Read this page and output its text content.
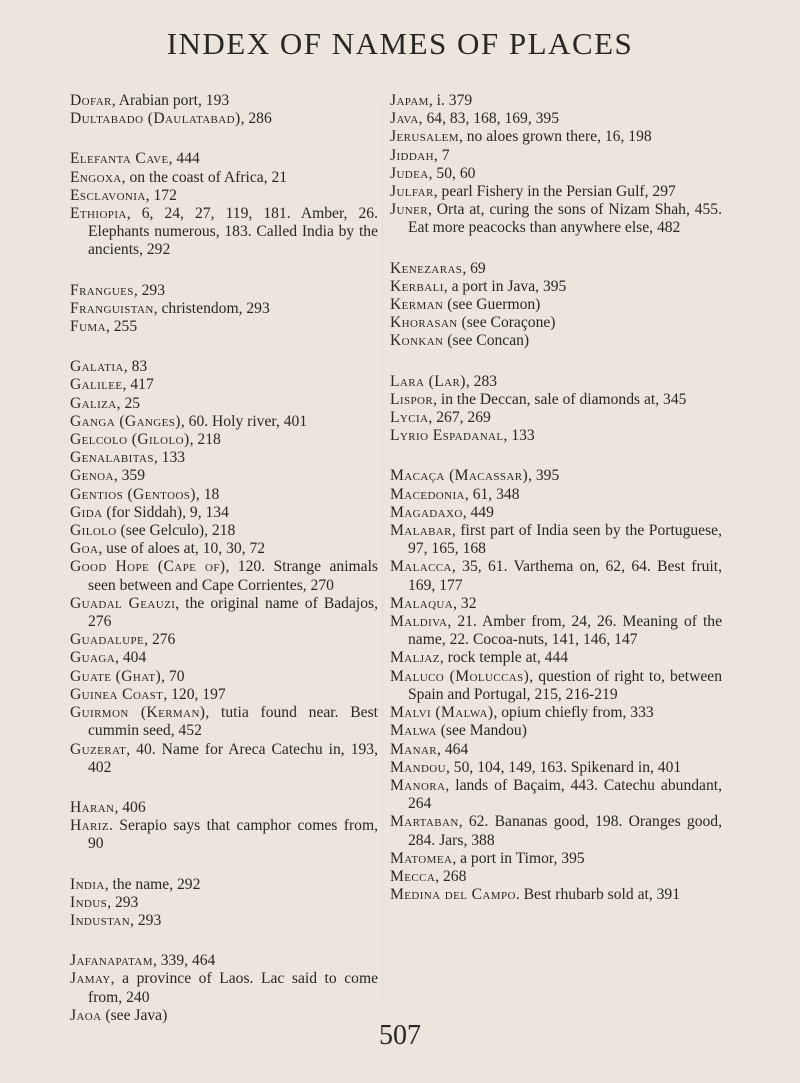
INDEX OF NAMES OF PLACES

Dofar, Arabian port, 193

Dultabado (Daulatabad), 286

Elefanta Cave, 444

Engoxa, on the coast of Africa, 21

Esclavonia, 172

Ethiopia, 6, 24, 27, 119, 181. Amber, 26. Elephants numerous, 183. Called India by the ancients, 292

Frangues, 293

Franguistan, christendom, 293

Fuma, 255

Galatia, 83

Galilee, 417

Galiza, 25

Ganga (Ganges), 60. Holy river, 401

Gelcolo (Gilolo), 218

Genalabitas, 133

Genoa, 359

Gentios (Gentoos), 18

Gida (for Siddah), 9, 134

Gilolo (see Gelculo), 218

Goa, use of aloes at, 10, 30, 72

Good Hope (Cape of), 120. Strange animals seen between and Cape Corrientes, 270

Guadal Geauzi, the original name of Badajos, 276

Guadalupe, 276

Guaga, 404

Guate (Ghat), 70

Guinea Coast, 120, 197

Guirmon (Kerman), tutia found near. Best cummin seed, 452

Guzerat, 40. Name for Areca Catechu in, 193, 402

Haran, 406

Hariz. Serapio says that camphor comes from, 90

India, the name, 292

Indus, 293

Industan, 293

Jafanapatam, 339, 464

Jamay, a province of Laos. Lac said to come from, 240

Jaoa (see Java)

Japam, i. 379

Java, 64, 83, 168, 169, 395

Jerusalem, no aloes grown there, 16, 198

Jiddah, 7

Judea, 50, 60

Julfar, pearl Fishery in the Persian Gulf, 297

Juner, Orta at, curing the sons of Nizam Shah, 455. Eat more peacocks than anywhere else, 482

Kenezaras, 69

Kerbali, a port in Java, 395

Kerman (see Guermon)

Khorasan (see Coraçone)

Konkan (see Concan)

Lara (Lar), 283

Lispor, in the Deccan, sale of diamonds at, 345

Lycia, 267, 269

Lyrio Espadanal, 133

Macaça (Macassar), 395

Macedonia, 61, 348

Magadaxo, 449

Malabar, first part of India seen by the Portuguese, 97, 165, 168

Malacca, 35, 61. Varthema on, 62, 64. Best fruit, 169, 177

Malaqua, 32

Maldiva, 21. Amber from, 24, 26. Meaning of the name, 22. Cocoa-nuts, 141, 146, 147

Maljaz, rock temple at, 444

Maluco (Moluccas), question of right to, between Spain and Portugal, 215, 216-219

Malvi (Malwa), opium chiefly from, 333

Malwa (see Mandou)

Manar, 464

Mandou, 50, 104, 149, 163. Spikenard in, 401

Manora, lands of Baçaim, 443. Catechu abundant, 264

Martaban, 62. Bananas good, 198. Oranges good, 284. Jars, 388

Matomea, a port in Timor, 395

Mecca, 268

Medina del Campo. Best rhubarb sold at, 391

507
